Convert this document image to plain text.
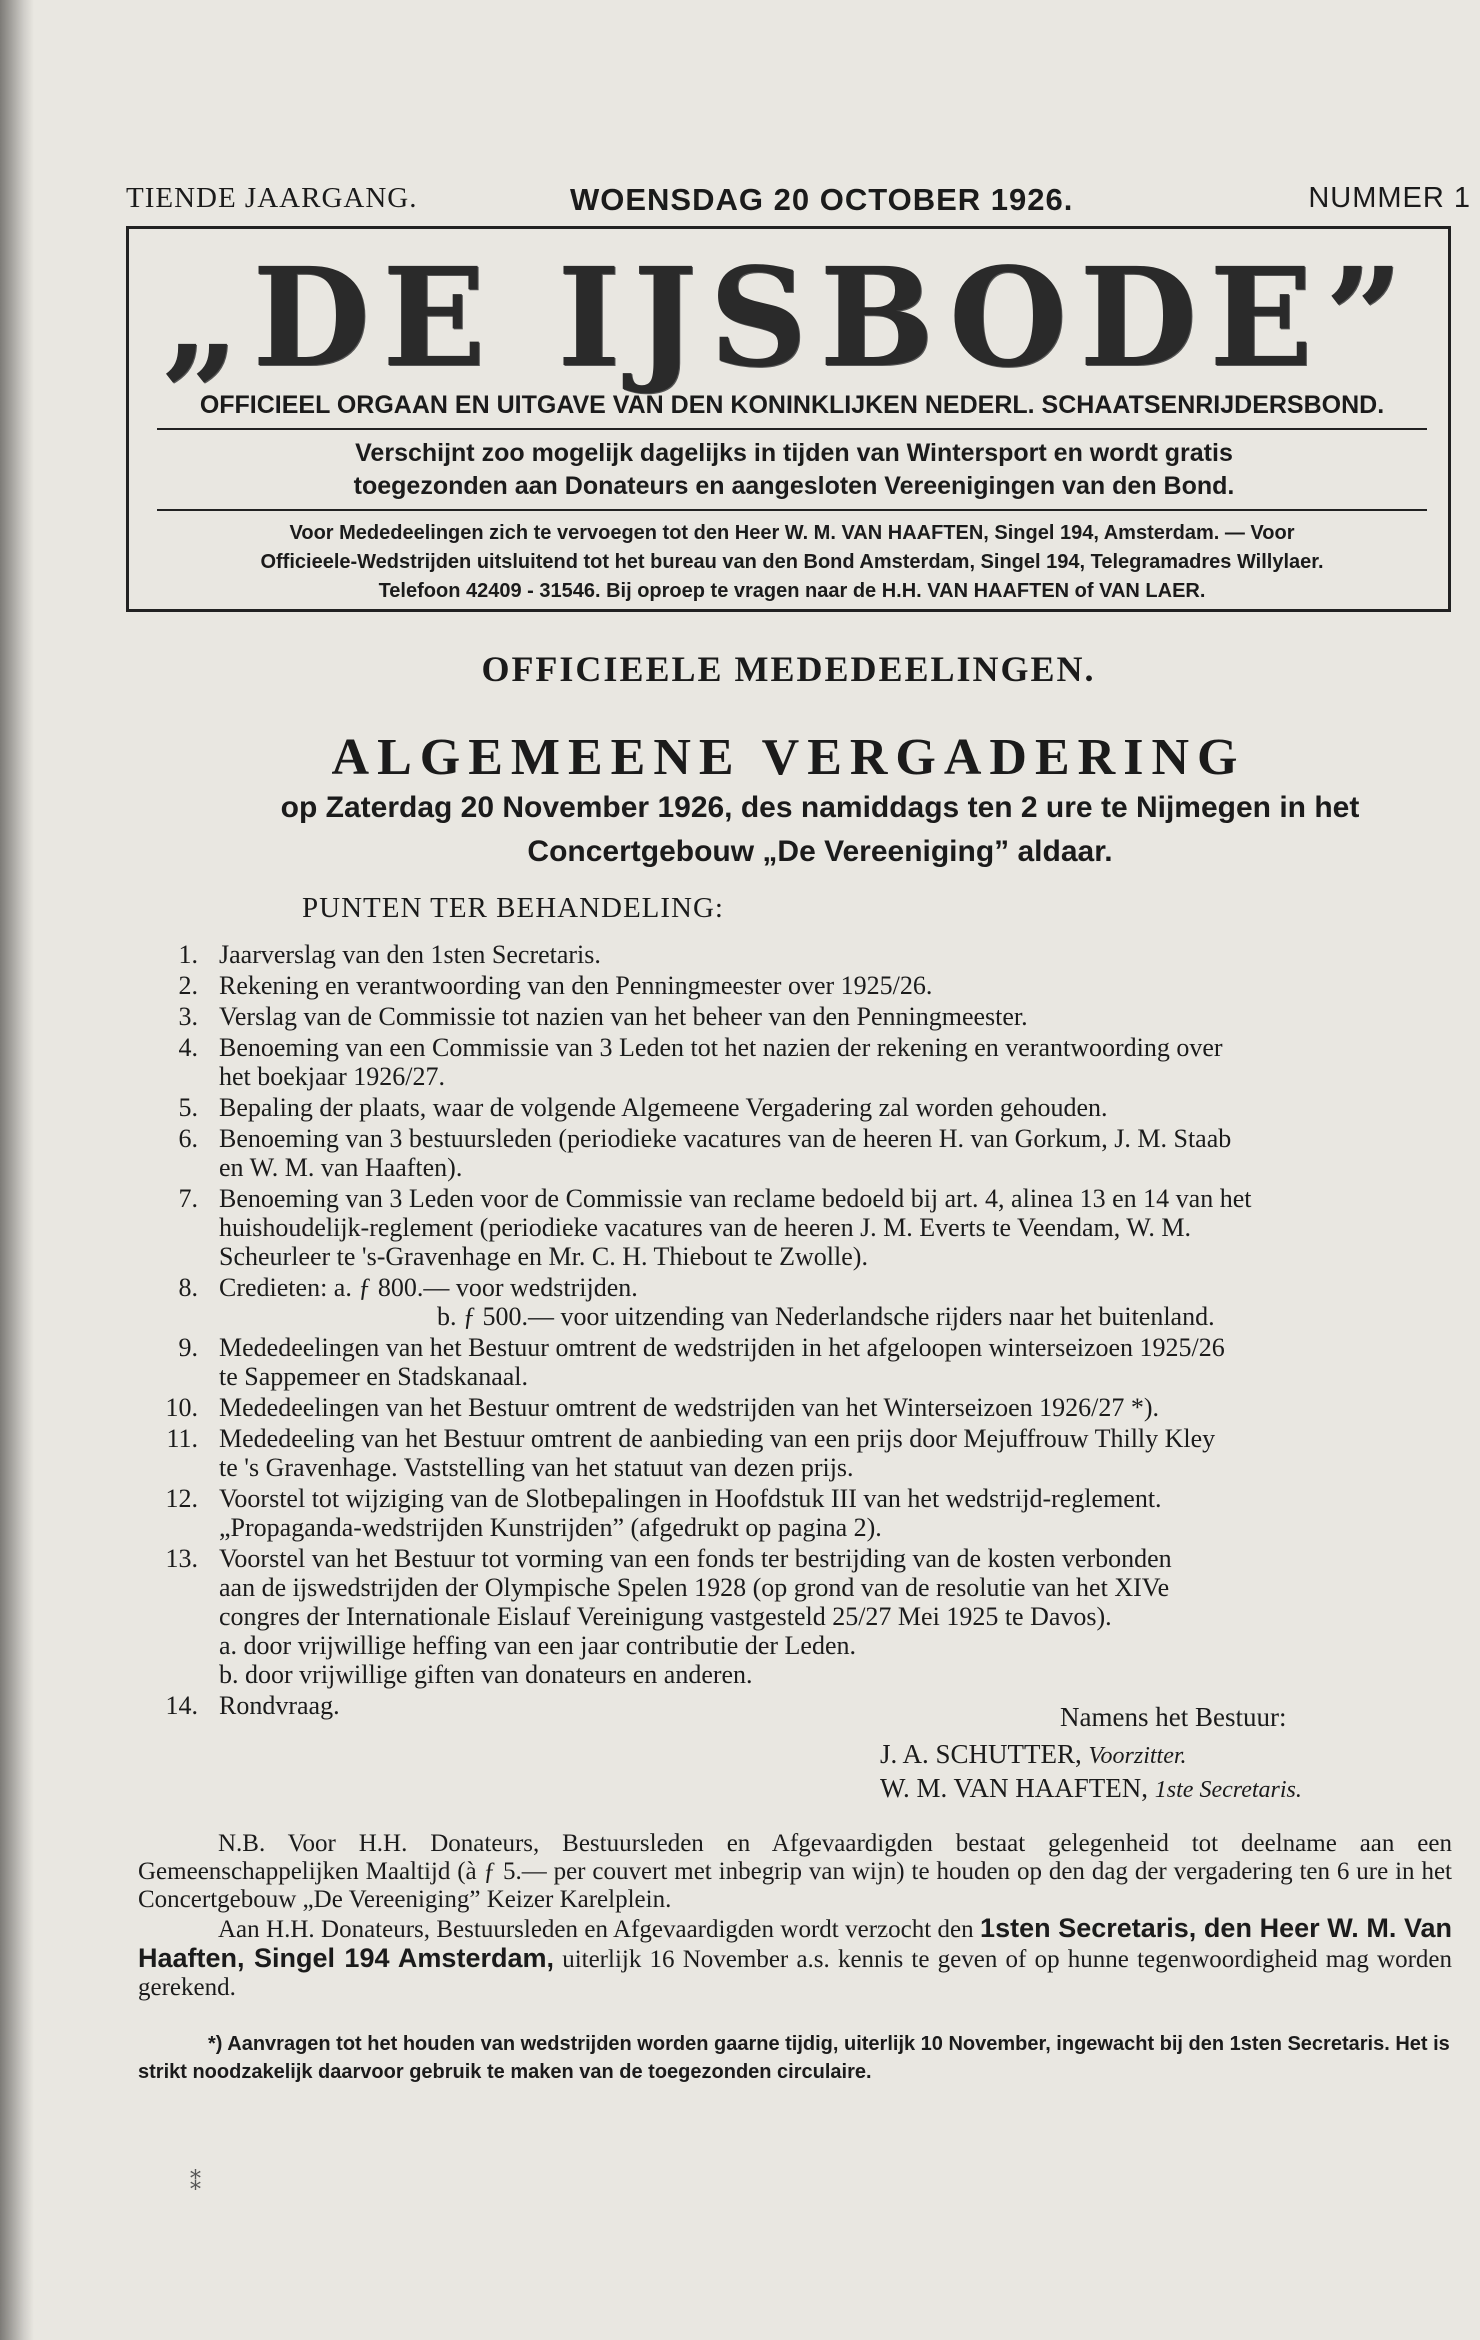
TIENDE JAARGANG.	WOENSDAG 20 OCTOBER 1926.	NUMMER 1
„DE IJSBODE”
OFFICIEEL ORGAAN EN UITGAVE VAN DEN KONINKLIJKEN NEDERL. SCHAATSENRIJDERSBOND.
Verschijnt zoo mogelijk dagelijks in tijden van Wintersport en wordt gratis
toegezonden aan Donateurs en aangesloten Vereenigingen van den Bond.
Voor Mededeelingen zich te vervoegen tot den Heer W. M. VAN HAAFTEN, Singel 194, Amsterdam. — Voor
Officieele-Wedstrijden uitsluitend tot het bureau van den Bond Amsterdam, Singel 194, Telegramadres Willylaer.
Telefoon 42409 - 31546. Bij oproep te vragen naar de H.H. VAN HAAFTEN of VAN LAER.
OFFICIEELE MEDEDEELINGEN.
ALGEMEENE VERGADERING
op Zaterdag 20 November 1926, des namiddags ten 2 ure te Nijmegen in het
Concertgebouw „De Vereeniging” aldaar.
PUNTEN TER BEHANDELING:
1. Jaarverslag van den 1sten Secretaris.
2. Rekening en verantwoording van den Penningmeester over 1925/26.
3. Verslag van de Commissie tot nazien van het beheer van den Penningmeester.
4. Benoeming van een Commissie van 3 Leden tot het nazien der rekening en verantwoording over
het boekjaar 1926/27.
5. Bepaling der plaats, waar de volgende Algemeene Vergadering zal worden gehouden.
6. Benoeming van 3 bestuursleden (periodieke vacatures van de heeren H. van Gorkum, J. M. Staab
en W. M. van Haaften).
7. Benoeming van 3 Leden voor de Commissie van reclame bedoeld bij art. 4, alinea 13 en 14 van het
huishoudelijk-reglement (periodieke vacatures van de heeren J. M. Everts te Veendam, W. M.
Scheurleer te 's-Gravenhage en Mr. C. H. Thiebout te Zwolle).
8. Credieten: a. ƒ 800.— voor wedstrijden.
b. ƒ 500.— voor uitzending van Nederlandsche rijders naar het buitenland.
9. Mededeelingen van het Bestuur omtrent de wedstrijden in het afgeloopen winterseizoen 1925/26
te Sappemeer en Stadskanaal.
10. Mededeelingen van het Bestuur omtrent de wedstrijden van het Winterseizoen 1926/27 *).
11. Mededeeling van het Bestuur omtrent de aanbieding van een prijs door Mejuffrouw Thilly Kley
te 's Gravenhage. Vaststelling van het statuut van dezen prijs.
12. Voorstel tot wijziging van de Slotbepalingen in Hoofdstuk III van het wedstrijd-reglement.
„Propaganda-wedstrijden Kunstrijden” (afgedrukt op pagina 2).
13. Voorstel van het Bestuur tot vorming van een fonds ter bestrijding van de kosten verbonden
aan de ijswedstrijden der Olympische Spelen 1928 (op grond van de resolutie van het XIVe
congres der Internationale Eislauf Vereinigung vastgesteld 25/27 Mei 1925 te Davos).
a. door vrijwillige heffing van een jaar contributie der Leden.
b. door vrijwillige giften van donateurs en anderen.
14. Rondvraag.	Namens het Bestuur:
J. A. SCHUTTER, Voorzitter.
W. M. VAN HAAFTEN, 1ste Secretaris.

N.B. Voor H.H. Donateurs, Bestuursleden en Afgevaardigden bestaat gelegenheid tot deelname aan een Gemeenschappelijken Maaltijd (à ƒ 5.— per couvert met inbegrip van wijn) te houden op den dag der vergadering ten 6 ure in het Concertgebouw „De Vereeniging” Keizer Karelplein.

Aan H.H. Donateurs, Bestuursleden en Afgevaardigden wordt verzocht den 1sten Secretaris, den Heer W. M. Van Haaften, Singel 194 Amsterdam, uiterlijk 16 November a.s. kennis te geven of op hunne tegenwoordigheid mag worden gerekend.

*) Aanvragen tot het houden van wedstrijden worden gaarne tijdig, uiterlijk 10 November, ingewacht bij den 1sten Secretaris. Het is strikt noodzakelijk daarvoor gebruik te maken van de toegezonden circulaire.
⁑
